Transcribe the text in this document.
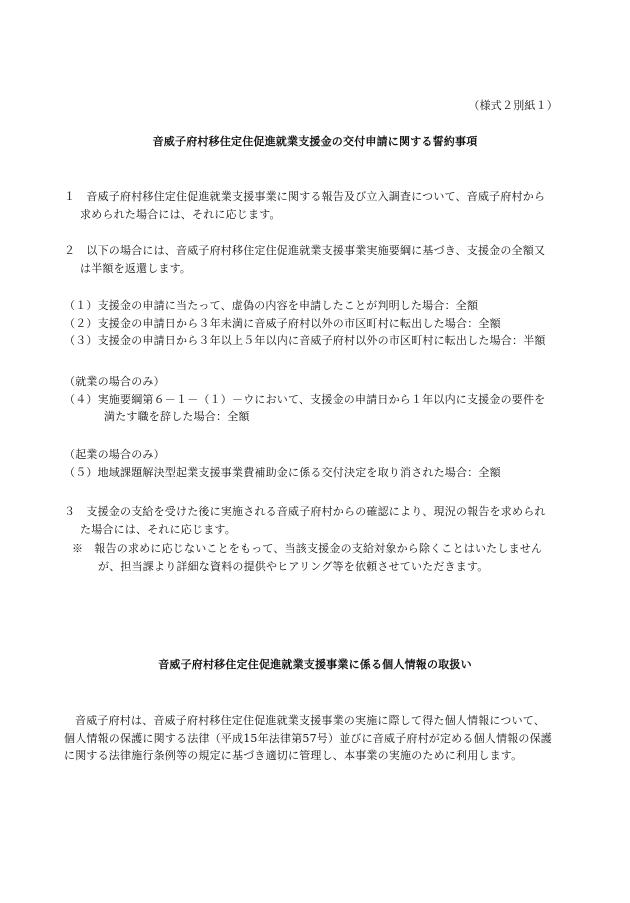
（様式２別紙１）
音威子府村移住定住促進就業支援金の交付申請に関する誓約事項
１　音威子府村移住定住促進就業支援事業に関する報告及び立入調査について、音威子府村から
求められた場合には、それに応じます。
２　以下の場合には、音威子府村移住定住促進就業支援事業実施要綱に基づき、支援金の全額又
は半額を返還します。
（１）支援金の申請に当たって、虚偽の内容を申請したことが判明した場合：全額
（２）支援金の申請日から３年未満に音威子府村以外の市区町村に転出した場合：全額
（３）支援金の申請日から３年以上５年以内に音威子府村以外の市区町村に転出した場合：半額
（就業の場合のみ）
（４）実施要綱第６－１－（１）－ウにおいて、支援金の申請日から１年以内に支援金の要件を
満たす職を辞した場合：全額
（起業の場合のみ）
（５）地域課題解決型起業支援事業費補助金に係る交付決定を取り消された場合：全額
３　支援金の支給を受けた後に実施される音威子府村からの確認により、現況の報告を求められ
た場合には、それに応じます。
※　報告の求めに応じないことをもって、当該支援金の支給対象から除くことはいたしません
が、担当課より詳細な資料の提供やヒアリング等を依頼させていただきます。
音威子府村移住定住促進就業支援事業に係る個人情報の取扱い
音威子府村は、音威子府村移住定住促進就業支援事業の実施に際して得た個人情報について、
個人情報の保護に関する法律（平成15年法律第57号）並びに音威子府村が定める個人情報の保護
に関する法律施行条例等の規定に基づき適切に管理し、本事業の実施のために利用します。
